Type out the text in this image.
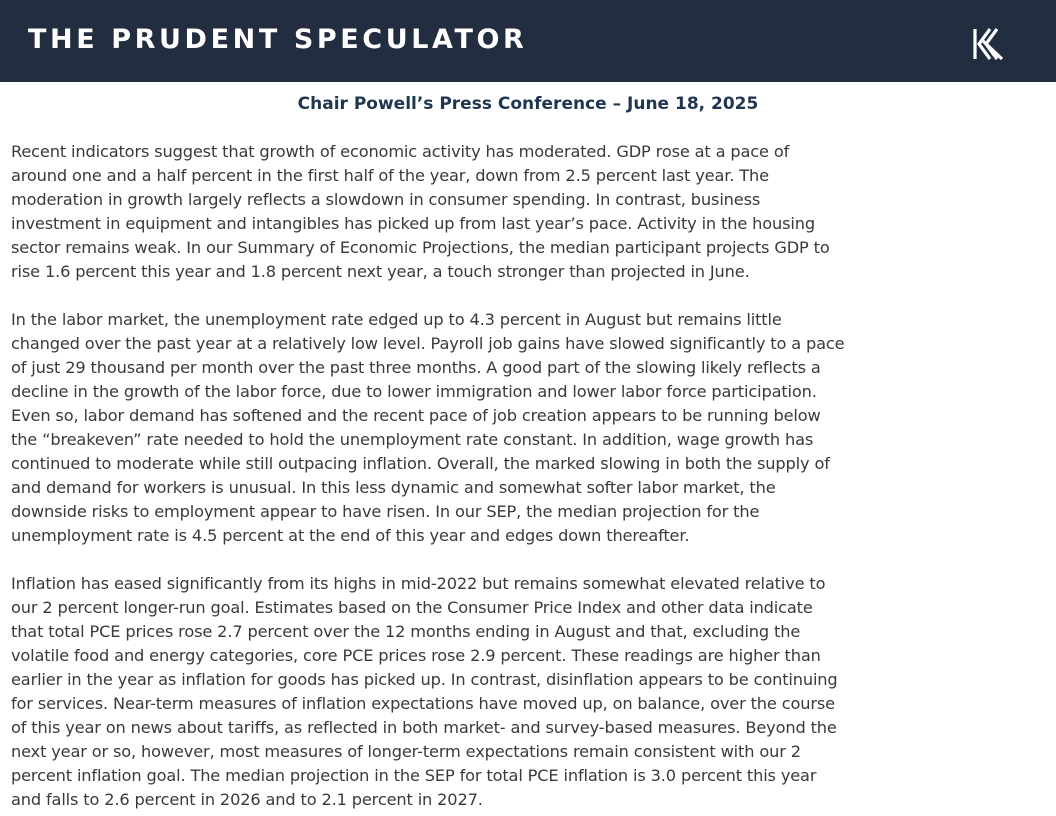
THE PRUDENT SPECULATOR
Chair Powell’s Press Conference – June 18, 2025

Recent indicators suggest that growth of economic activity has moderated. GDP rose at a pace of
around one and a half percent in the first half of the year, down from 2.5 percent last year. The
moderation in growth largely reflects a slowdown in consumer spending. In contrast, business
investment in equipment and intangibles has picked up from last year’s pace. Activity in the housing
sector remains weak. In our Summary of Economic Projections, the median participant projects GDP to
rise 1.6 percent this year and 1.8 percent next year, a touch stronger than projected in June.

In the labor market, the unemployment rate edged up to 4.3 percent in August but remains little
changed over the past year at a relatively low level. Payroll job gains have slowed significantly to a pace
of just 29 thousand per month over the past three months. A good part of the slowing likely reflects a
decline in the growth of the labor force, due to lower immigration and lower labor force participation.
Even so, labor demand has softened and the recent pace of job creation appears to be running below
the “breakeven” rate needed to hold the unemployment rate constant. In addition, wage growth has
continued to moderate while still outpacing inflation. Overall, the marked slowing in both the supply of
and demand for workers is unusual. In this less dynamic and somewhat softer labor market, the
downside risks to employment appear to have risen. In our SEP, the median projection for the
unemployment rate is 4.5 percent at the end of this year and edges down thereafter.

Inflation has eased significantly from its highs in mid-2022 but remains somewhat elevated relative to
our 2 percent longer-run goal. Estimates based on the Consumer Price Index and other data indicate
that total PCE prices rose 2.7 percent over the 12 months ending in August and that, excluding the
volatile food and energy categories, core PCE prices rose 2.9 percent. These readings are higher than
earlier in the year as inflation for goods has picked up. In contrast, disinflation appears to be continuing
for services. Near-term measures of inflation expectations have moved up, on balance, over the course
of this year on news about tariffs, as reflected in both market- and survey-based measures. Beyond the
next year or so, however, most measures of longer-term expectations remain consistent with our 2
percent inflation goal. The median projection in the SEP for total PCE inflation is 3.0 percent this year
and falls to 2.6 percent in 2026 and to 2.1 percent in 2027.
